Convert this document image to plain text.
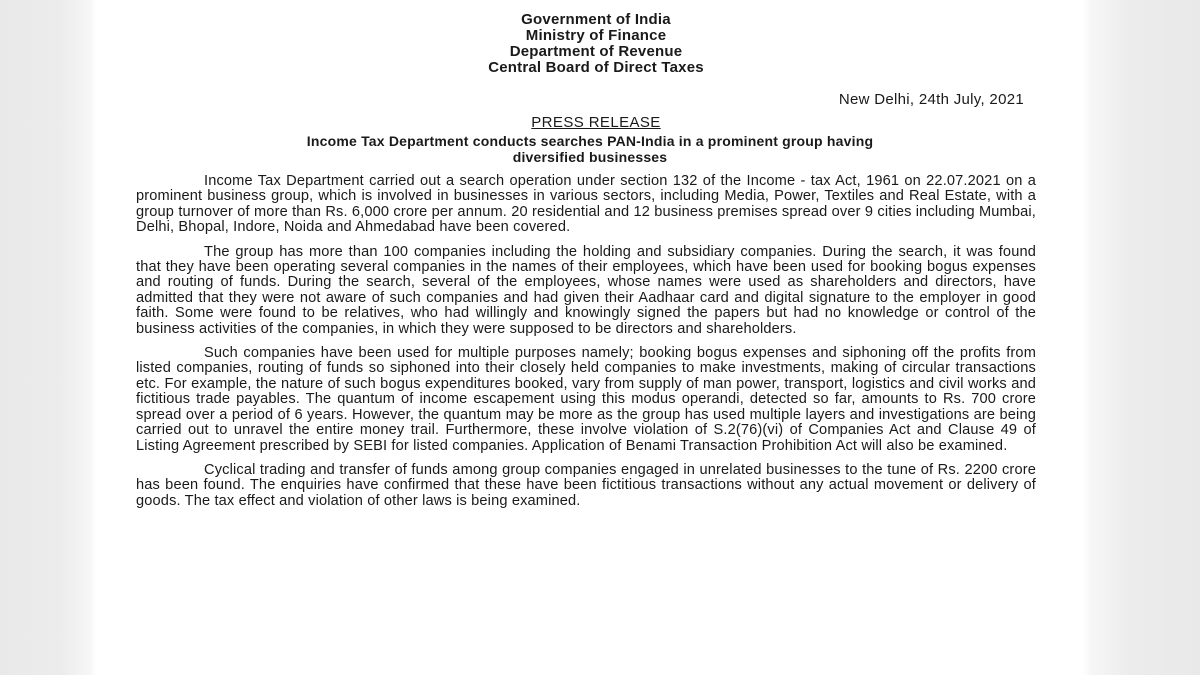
Government of India
Ministry of Finance
Department of Revenue
Central Board of Direct Taxes
New Delhi, 24th July, 2021
PRESS RELEASE
Income Tax Department conducts searches PAN-India in a prominent group having
diversified businesses

Income Tax Department carried out a search operation under section 132 of the Income - tax Act, 1961 on 22.07.2021 on a prominent business group, which is involved in businesses in various sectors, including Media, Power, Textiles and Real Estate, with a group turnover of more than Rs. 6,000 crore per annum. 20 residential and 12 business premises spread over 9 cities including Mumbai, Delhi, Bhopal, Indore, Noida and Ahmedabad have been covered.

The group has more than 100 companies including the holding and subsidiary companies. During the search, it was found that they have been operating several companies in the names of their employees, which have been used for booking bogus expenses and routing of funds. During the search, several of the employees, whose names were used as shareholders and directors, have admitted that they were not aware of such companies and had given their Aadhaar card and digital signature to the employer in good faith. Some were found to be relatives, who had willingly and knowingly signed the papers but had no knowledge or control of the business activities of the companies, in which they were supposed to be directors and shareholders.

Such companies have been used for multiple purposes namely; booking bogus expenses and siphoning off the profits from listed companies, routing of funds so siphoned into their closely held companies to make investments, making of circular transactions etc. For example, the nature of such bogus expenditures booked, vary from supply of man power, transport, logistics and civil works and fictitious trade payables. The quantum of income escapement using this modus operandi, detected so far, amounts to Rs. 700 crore spread over a period of 6 years. However, the quantum may be more as the group has used multiple layers and investigations are being carried out to unravel the entire money trail. Furthermore, these involve violation of S.2(76)(vi) of Companies Act and Clause 49 of Listing Agreement prescribed by SEBI for listed companies. Application of Benami Transaction Prohibition Act will also be examined.

Cyclical trading and transfer of funds among group companies engaged in unrelated businesses to the tune of Rs. 2200 crore has been found. The enquiries have confirmed that these have been fictitious transactions without any actual movement or delivery of goods. The tax effect and violation of other laws is being examined.
